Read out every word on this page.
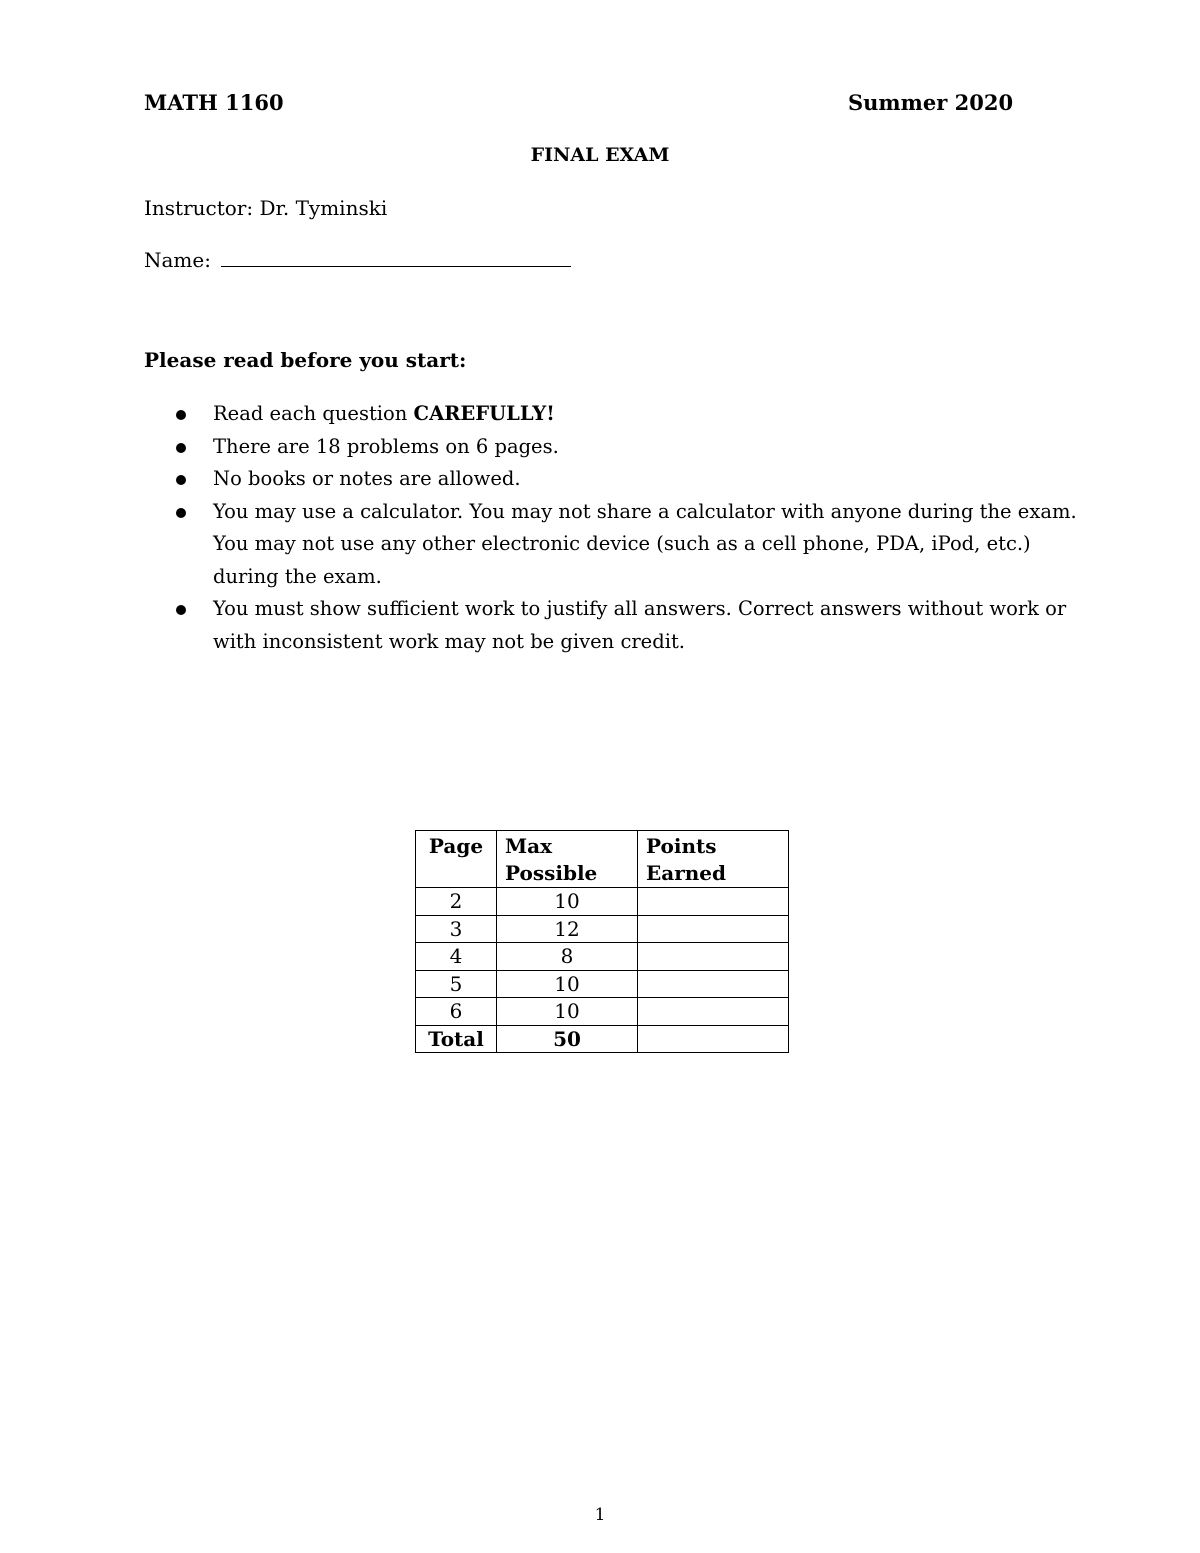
MATH 1160	Summer 2020
FINAL EXAM
Instructor: Dr. Tyminski
Name:
Please read before you start:
Read each question CAREFULLY!
There are 18 problems on 6 pages.
No books or notes are allowed.
You may use a calculator. You may not share a calculator with anyone during the exam. You may not use any other electronic device (such as a cell phone, PDA, iPod, etc.) during the exam.
You must show sufficient work to justify all answers. Correct answers without work or with inconsistent work may not be given credit.
Page	Max Possible	Points Earned
2	10	
3	12	
4	8	
5	10	
6	10	
Total	50	
1
